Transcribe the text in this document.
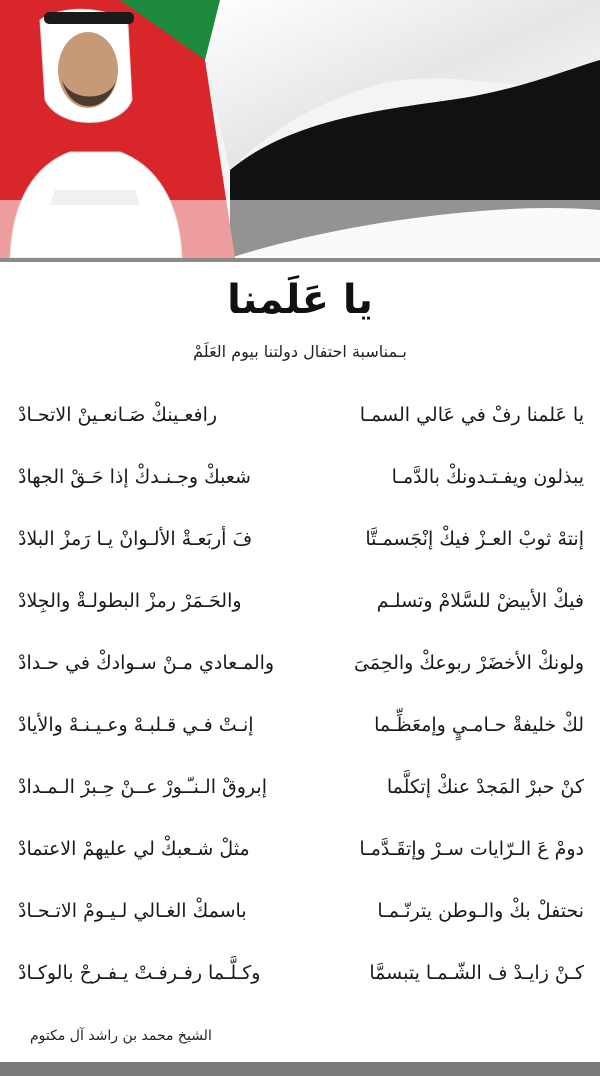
يا عَلَمنا
بـمناسبة احتفال دولتنا بيوم العَلَمْ
يا عَلمنا رفْ في عَالي السمـا
رافعـينكْ صَـانعـينْ الاتحـادْ
يبذلون ويفـتـدونكْ بالدَّمـا
شعبكْ وجـنـدكْ إذا حَـقْ الجهادْ
إنتهْ ثوبْ العـزْ فيكْ إنْجَسمـتَّا
فَ أربَعـةْ الألـوانْ يـا رَمزْ البلادْ
فيكْ الأبيضْ للسَّلامْ وتسلـم
والحَـمَرْ رمزْ البطولـةْ والجِلادْ
ولونكْ الأخضَرْ ربوعكْ والحِمَىَ
والمـعادي مـنْ سـوادكْ في حـدادْ
لكْ خليفةْ حـامـيٍ وإمعَظِّـما
إنـتْ فـي قـلبـهْ وعـيـنـهْ والأيادْ
كنْ حبرْ المَجدْ عنكْ إتكلَّما
إبروقْ الـنـّـورْ عــنْ حِـبرْ الـمـدادْ
دومْ عَ الـرّايات سـرْ وإتقَـدَّمـا
مثلْ شـعبكْ لي عليهمْ الاعتمادْ
نحتفلْ بكْ والـوطن يترنّـمـا
باسمكْ الغـالي لـيـومْ الاتـحـادْ
كـنْ زايـدْ ف الشّـمـا يتبسمَّا
وكـلَّـما رفـرفـتْ يـفـرحْ بالوكـادْ
الشيخ محمد بن راشد آل مكتوم
